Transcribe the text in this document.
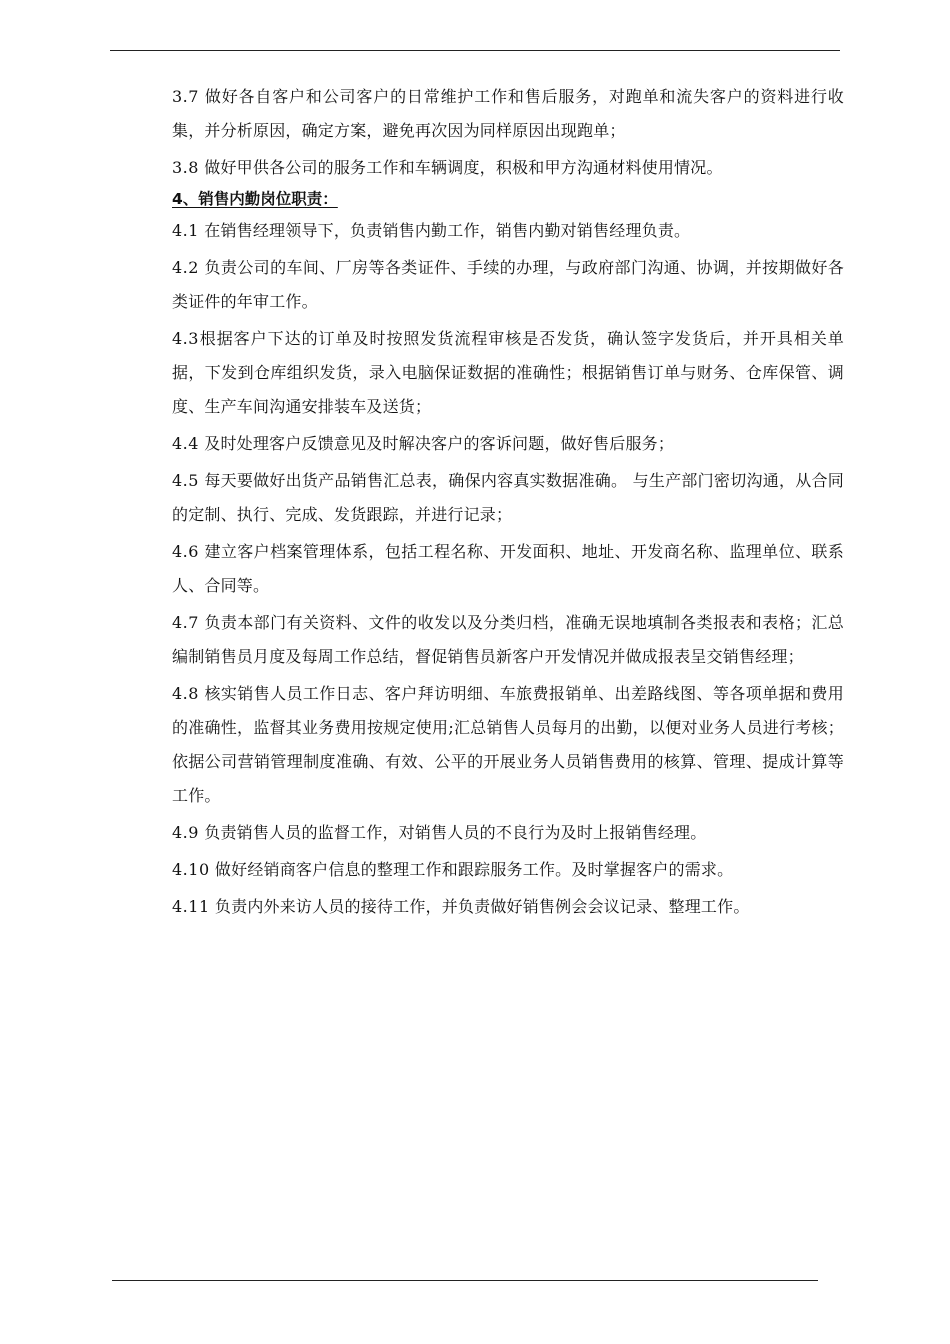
3.7 做好各自客户和公司客户的日常维护工作和售后服务，对跑单和流失客户的资料进行收集，并分析原因，确定方案，避免再次因为同样原因出现跑单；

3.8 做好甲供各公司的服务工作和车辆调度，积极和甲方沟通材料使用情况。

4、销售内勤岗位职责：

4.1 在销售经理领导下，负责销售内勤工作，销售内勤对销售经理负责。

4.2 负责公司的车间、厂房等各类证件、手续的办理，与政府部门沟通、协调，并按期做好各类证件的年审工作。

4.3根据客户下达的订单及时按照发货流程审核是否发货，确认签字发货后，并开具相关单据，下发到仓库组织发货，录入电脑保证数据的准确性；根据销售订单与财务、仓库保管、调度、生产车间沟通安排装车及送货；

4.4 及时处理客户反馈意见及时解决客户的客诉问题，做好售后服务；

4.5 每天要做好出货产品销售汇总表，确保内容真实数据准确。 与生产部门密切沟通，从合同的定制、执行、完成、发货跟踪，并进行记录；

4.6 建立客户档案管理体系，包括工程名称、开发面积、地址、开发商名称、监理单位、联系人、合同等。

4.7 负责本部门有关资料、文件的收发以及分类归档，准确无误地填制各类报表和表格；汇总编制销售员月度及每周工作总结，督促销售员新客户开发情况并做成报表呈交销售经理；

4.8 核实销售人员工作日志、客户拜访明细、车旅费报销单、出差路线图、等各项单据和费用的准确性，监督其业务费用按规定使用;汇总销售人员每月的出勤，以便对业务人员进行考核；依据公司营销管理制度准确、有效、公平的开展业务人员销售费用的核算、管理、提成计算等工作。

4.9 负责销售人员的监督工作，对销售人员的不良行为及时上报销售经理。

4.10 做好经销商客户信息的整理工作和跟踪服务工作。及时掌握客户的需求。

4.11 负责内外来访人员的接待工作，并负责做好销售例会会议记录、整理工作。
